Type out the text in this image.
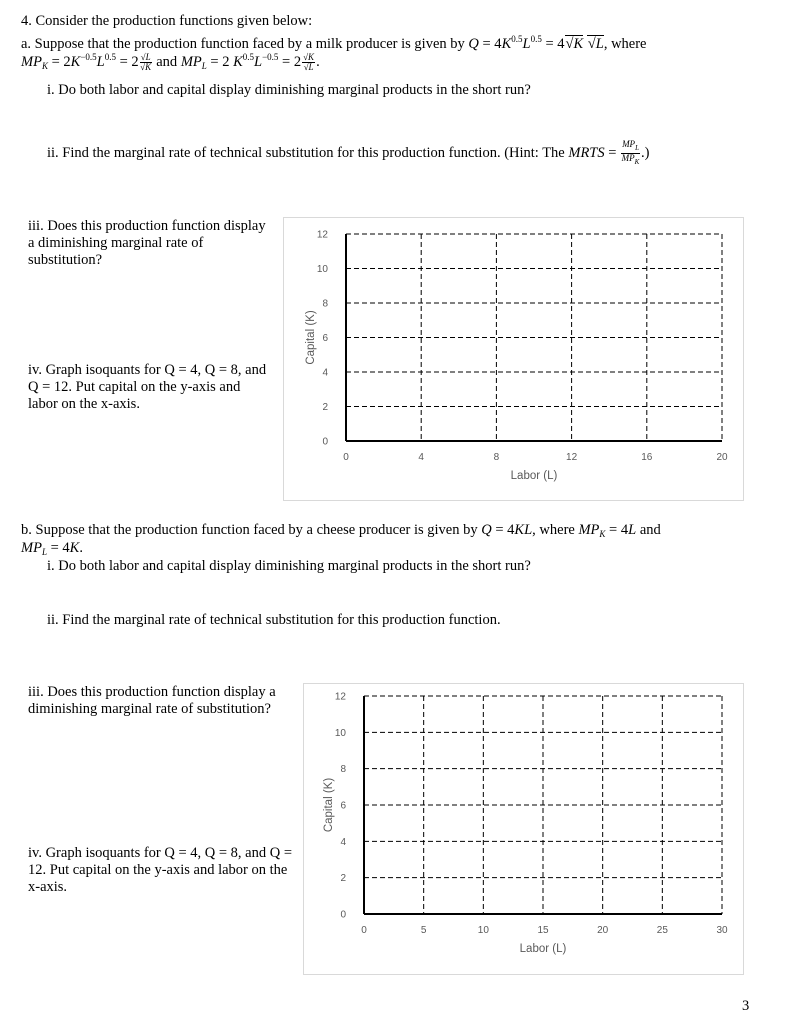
4. Consider the production functions given below:
a. Suppose that the production function faced by a milk producer is given by $Q = 4K^{0.5}L^{0.5} = 4√K$ √L, where
$MP_K = 2K^{-0.5}L^{0.5} = 2 \frac{√L}{√K}$ and $MP_L = 2$ $K^{0.5}L^{-0.5} = 2 \frac{√K}{√L}$ .
i. Do both labor and capital display diminishing marginal products in the short run?
ii. Find the marginal rate of technical substitution for this production function. (Hint: The MRTS = $\frac{MP_L}{MP_K}$ .)
iii. Does this production function display a diminishing marginal rate of substitution?
iv. Graph isoquants for Q = 4, Q = 8, and Q = 12. Put capital on the y-axis and labor on the x-axis.
0
2
4
6
8
10
12
0	4	8	12	16	20
Labor (L)
Capital (K)
b. Suppose that the production function faced by a cheese producer is given by Q = 4KL, where $MP_K = 4L$ and
$MP_L = 4K$.
i. Do both labor and capital display diminishing marginal products in the short run?
ii. Find the marginal rate of technical substitution for this production function.
iii. Does this production function display a diminishing marginal rate of substitution?
iv. Graph isoquants for Q = 4, Q = 8, and Q = 12. Put capital on the y-axis and labor on the x-axis.
0
2
4
6
8
10
12
0	5	10	15	20	25	30
Labor (L)
Capital (K)
3
